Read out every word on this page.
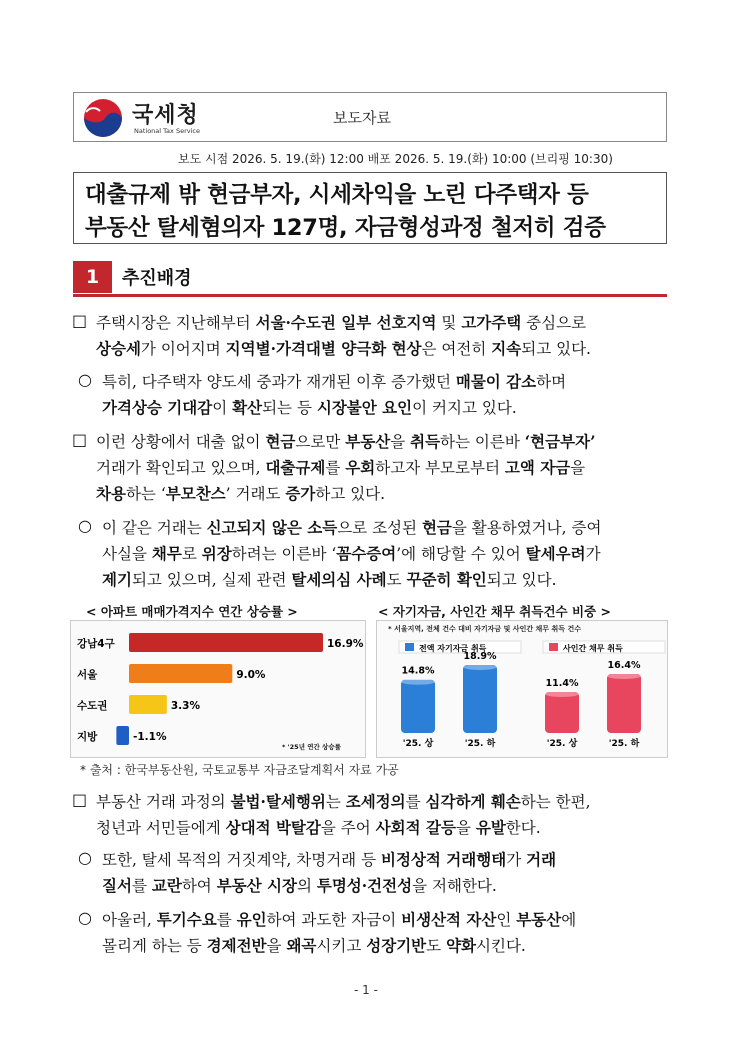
국세청
National Tax Service
보도자료
보도 시점 2026. 5. 19.(화) 12:00 배포 2026. 5. 19.(화) 10:00 (브리핑 10:30)
대출규제 밖 현금부자, 시세차익을 노린 다주택자 등
부동산 탈세혐의자 127명, 자금형성과정 철저히 검증
1	추진배경
□ 주택시장은 지난해부터 서울·수도권 일부 선호지역 및 고가주택 중심으로
상승세가 이어지며 지역별·가격대별 양극화 현상은 여전히 지속되고 있다.
○ 특히, 다주택자 양도세 중과가 재개된 이후 증가했던 매물이 감소하며
가격상승 기대감이 확산되는 등 시장불안 요인이 커지고 있다.
□ 이런 상황에서 대출 없이 현금으로만 부동산을 취득하는 이른바 ‘현금부자’
거래가 확인되고 있으며, 대출규제를 우회하고자 부모로부터 고액 자금을
차용하는 ‘부모찬스’ 거래도 증가하고 있다.
○ 이 같은 거래는 신고되지 않은 소득으로 조성된 현금을 활용하였거나, 증여
사실을 채무로 위장하려는 이른바 ‘꼼수증여’에 해당할 수 있어 탈세우려가
제기되고 있으며, 실제 관련 탈세의심 사례도 꾸준히 확인되고 있다.
< 아파트 매매가격지수 연간 상승률 >	< 자기자금, 사인간 채무 취득건수 비중 >
강남4구	16.9%
서울	9.0%
수도권	3.3%
지방	-1.1%
* '25년 연간 상승률
전액 자기자금 취득
14.8%
'25. 상
18.9%
'25. 하
사인간 채무 취득
11.4%
'25. 상
16.4%
'25. 하
* 서울지역, 전체 건수 대비 자기자금 및 사인간 채무 취득 건수
* 출처 : 한국부동산원, 국토교통부 자금조달계획서 자료 가공
□ 부동산 거래 과정의 불법·탈세행위는 조세정의를 심각하게 훼손하는 한편,
청년과 서민들에게 상대적 박탈감을 주어 사회적 갈등을 유발한다.
○ 또한, 탈세 목적의 거짓계약, 차명거래 등 비정상적 거래행태가 거래
질서를 교란하여 부동산 시장의 투명성·건전성을 저해한다.
○ 아울러, 투기수요를 유인하여 과도한 자금이 비생산적 자산인 부동산에
몰리게 하는 등 경제전반을 왜곡시키고 성장기반도 약화시킨다.
- 1 -
